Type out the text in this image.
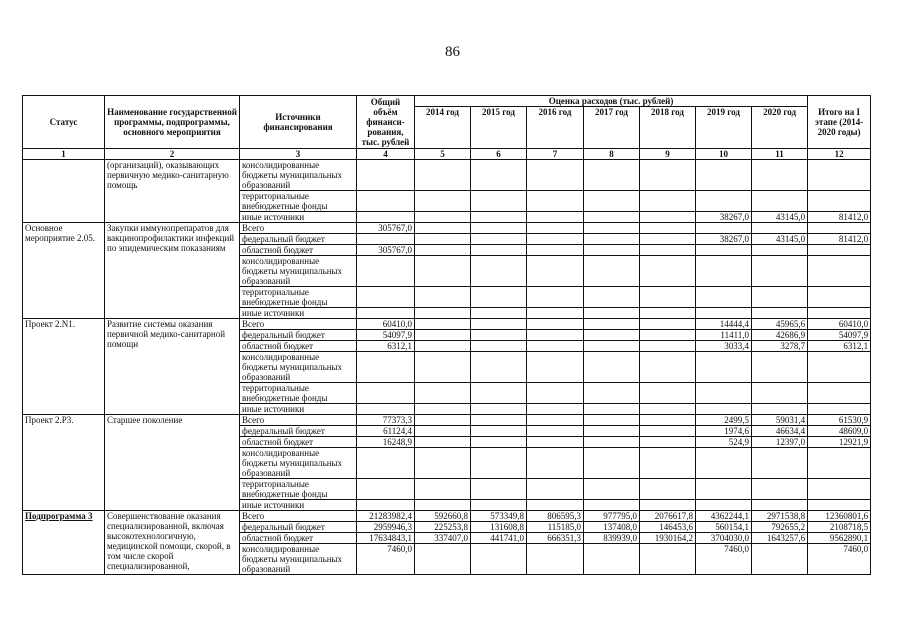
86
Статус	Наименование государственной программы, подпрограммы, основного мероприятия	Источники финансирования	Общий объём финанси-рования, тыс. рублей	Оценка расходов (тыс. рублей)							Итого на I этапе (2014-2020 годы)
				2014 год	2015 год	2016 год	2017 год	2018 год	2019 год	2020 год	
1	2	3	4	5	6	7	8	9	10	11	12
	(организаций), оказывающих первичную медико-санитарную помощь	консолидированные бюджеты муниципальных образований									
		территориальные внебюджетные фонды									
		иные источники							38267,0	43145,0	81412,0
Основное мероприятие 2.05.	Закупки иммунопрепаратов для вакцинопрофилактики инфекций по эпидемическим показаниям	Всего	305767,0								
		федеральный бюджет							38267,0	43145,0	81412,0
		областной бюджет	305767,0								
		консолидированные бюджеты муниципальных образований									
		территориальные внебюджетные фонды									
		иные источники									
Проект 2.N1.	Развитие системы оказания первичной медико-санитарной помощи	Всего	60410,0						14444,4	45965,6	60410,0
		федеральный бюджет	54097,9						11411,0	42686,9	54097,9
		областной бюджет	6312,1						3033,4	3278,7	6312,1
		консолидированные бюджеты муниципальных образований									
		территориальные внебюджетные фонды									
		иные источники									
Проект 2.Р3.	Старшее поколение	Всего	77373,3						2499,5	59031,4	61530,9
		федеральный бюджет	61124,4						1974,6	46634,4	48609,0
		областной бюджет	16248,9						524,9	12397,0	12921,9
		консолидированные бюджеты муниципальных образований									
		территориальные внебюджетные фонды									
		иные источники									
Подпрограмма 3	Совершенствование оказания специализированной, включая высокотехнологичную, медицинской помощи, скорой, в том числе скорой специализированной,	Всего	21283982,4	592660,8	573349,8	806595,3	977795,0	2076617,8	4362244,1	2971538,8	12360801,6
		федеральный бюджет	2959946,3	225253,8	131608,8	115185,0	137408,0	146453,6	560154,1	792655,2	2108718,5
		областной бюджет	17634843,1	337407,0	441741,0	666351,3	839939,0	1930164,2	3704030,0	1643257,6	9562890,1
		консолидированные бюджеты муниципальных образований	7460,0						7460,0		7460,0
